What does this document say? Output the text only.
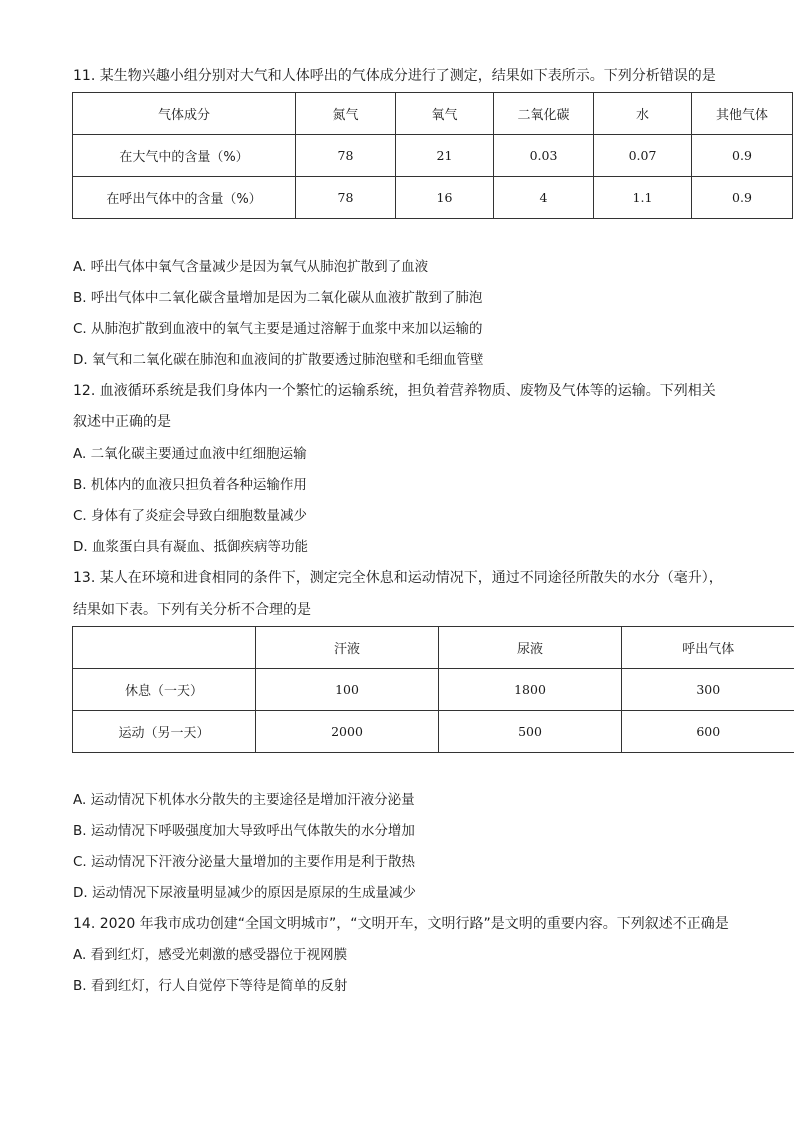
11. 某生物兴趣小组分别对大气和人体呼出的气体成分进行了测定，结果如下表所示。下列分析错误的是
气体成分	氮气	氧气	二氧化碳	水	其他气体
在大气中的含量（%）	78	21	0.03	0.07	0.9
在呼出气体中的含量（%）	78	16	4	1.1	0.9
A. 呼出气体中氧气含量减少是因为氧气从肺泡扩散到了血液
B. 呼出气体中二氧化碳含量增加是因为二氧化碳从血液扩散到了肺泡
C. 从肺泡扩散到血液中的氧气主要是通过溶解于血浆中来加以运输的
D. 氧气和二氧化碳在肺泡和血液间的扩散要透过肺泡壁和毛细血管壁
12. 血液循环系统是我们身体内一个繁忙的运输系统，担负着营养物质、废物及气体等的运输。下列相关
叙述中正确的是
A. 二氧化碳主要通过血液中红细胞运输
B. 机体内的血液只担负着各种运输作用
C. 身体有了炎症会导致白细胞数量减少
D. 血浆蛋白具有凝血、抵御疾病等功能
13. 某人在环境和进食相同的条件下，测定完全休息和运动情况下，通过不同途径所散失的水分（毫升），
结果如下表。下列有关分析不合理的是
	汗液	尿液	呼出气体
休息（一天）	100	1800	300
运动（另一天）	2000	500	600
A. 运动情况下机体水分散失的主要途径是增加汗液分泌量
B. 运动情况下呼吸强度加大导致呼出气体散失的水分增加
C. 运动情况下汗液分泌量大量增加的主要作用是利于散热
D. 运动情况下尿液量明显减少的原因是原尿的生成量减少
14. 2020 年我市成功创建“全国文明城市”，“文明开车，文明行路”是文明的重要内容。下列叙述不正确是
A. 看到红灯，感受光刺激的感受器位于视网膜
B. 看到红灯，行人自觉停下等待是简单的反射
